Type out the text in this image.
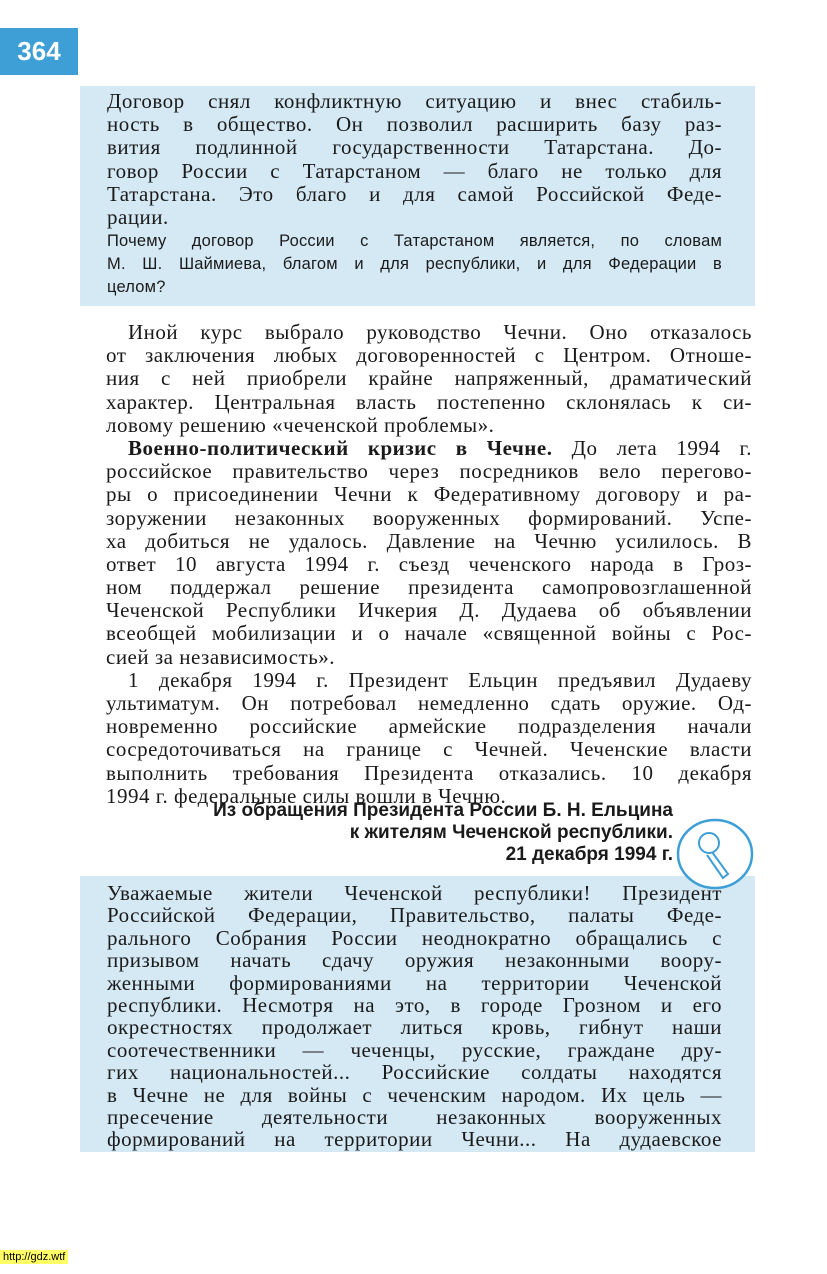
364
Договор снял конфликтную ситуацию и внес стабиль-
ность в общество. Он позволил расширить базу раз-
вития подлинной государственности Татарстана. До-
говор России с Татарстаном — благо не только для
Татарстана. Это благо и для самой Российской Феде-
рации.
Почему договор России с Татарстаном является, по словам
М. Ш. Шаймиева, благом и для республики, и для Федерации в
целом?
Иной курс выбрало руководство Чечни. Оно отказалось
от заключения любых договоренностей с Центром. Отноше-
ния с ней приобрели крайне напряженный, драматический
характер. Центральная власть постепенно склонялась к си-
ловому решению «чеченской проблемы».
Военно-политический кризис в Чечне. До лета 1994 г.
российское правительство через посредников вело перегово-
ры о присоединении Чечни к Федеративному договору и ра-
зоружении незаконных вооруженных формирований. Успе-
ха добиться не удалось. Давление на Чечню усилилось. В
ответ 10 августа 1994 г. съезд чеченского народа в Гроз-
ном поддержал решение президента самопровозглашенной
Чеченской Республики Ичкерия Д. Дудаева об объявлении
всеобщей мобилизации и о начале «священной войны с Рос-
сией за независимость».
1 декабря 1994 г. Президент Ельцин предъявил Дудаеву
ультиматум. Он потребовал немедленно сдать оружие. Од-
новременно российские армейские подразделения начали
сосредоточиваться на границе с Чечней. Чеченские власти
выполнить требования Президента отказались. 10 декабря
1994 г. федеральные силы вошли в Чечню.
Из обращения Президента России Б. Н. Ельцина
к жителям Чеченской республики.
21 декабря 1994 г.
Уважаемые жители Чеченской республики! Президент
Российской Федерации, Правительство, палаты Феде-
рального Собрания России неоднократно обращались с
призывом начать сдачу оружия незаконными воору-
женными формированиями на территории Чеченской
республики. Несмотря на это, в городе Грозном и его
окрестностях продолжает литься кровь, гибнут наши
соотечественники — чеченцы, русские, граждане дру-
гих национальностей... Российские солдаты находятся
в Чечне не для войны с чеченским народом. Их цель —
пресечение деятельности незаконных вооруженных
формирований на территории Чечни... На дудаевское
http://gdz.wtf
